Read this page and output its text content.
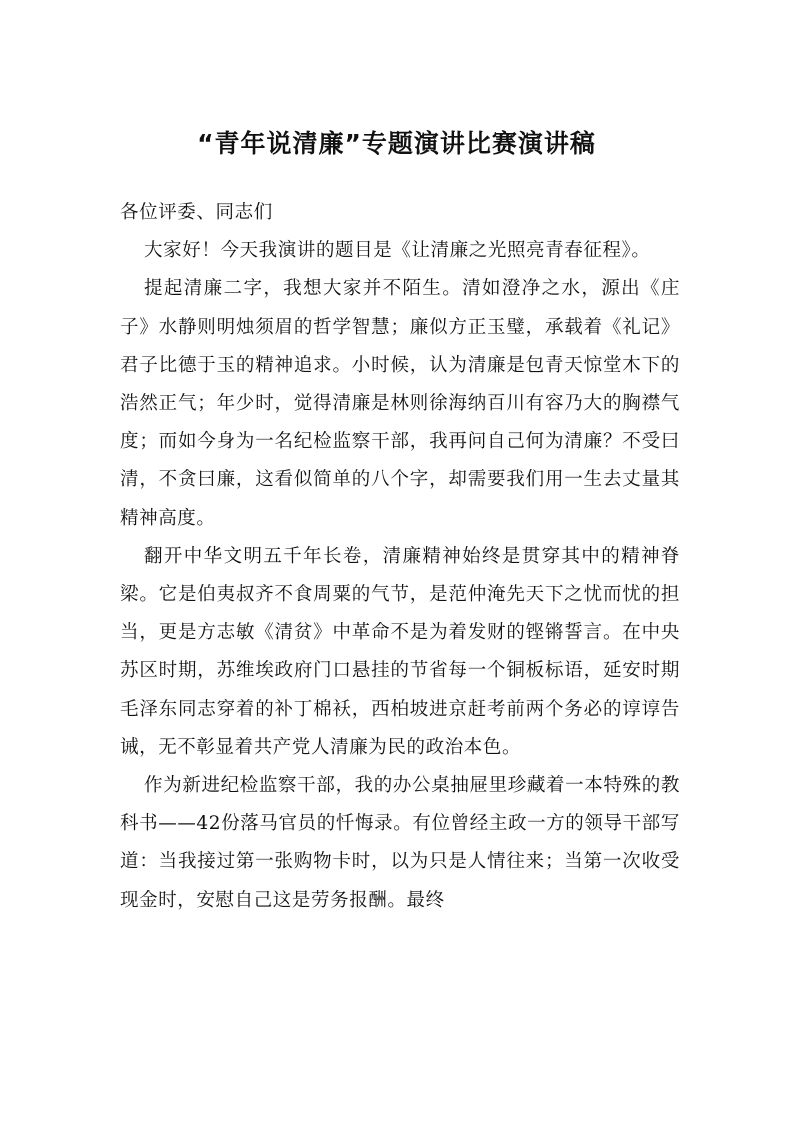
“青年说清廉”专题演讲比赛演讲稿

各位评委、同志们

大家好！今天我演讲的题目是《让清廉之光照亮青春征程》。

提起清廉二字，我想大家并不陌生。清如澄净之水，源出《庄子》水静则明烛须眉的哲学智慧；廉似方正玉璧，承载着《礼记》君子比德于玉的精神追求。小时候，认为清廉是包青天惊堂木下的浩然正气；年少时，觉得清廉是林则徐海纳百川有容乃大的胸襟气度；而如今身为一名纪检监察干部，我再问自己何为清廉？不受曰清，不贪曰廉，这看似简单的八个字，却需要我们用一生去丈量其精神高度。

翻开中华文明五千年长卷，清廉精神始终是贯穿其中的精神脊梁。它是伯夷叔齐不食周粟的气节，是范仲淹先天下之忧而忧的担当，更是方志敏《清贫》中革命不是为着发财的铿锵誓言。在中央苏区时期，苏维埃政府门口悬挂的节省每一个铜板标语，延安时期毛泽东同志穿着的补丁棉袄，西柏坡进京赶考前两个务必的谆谆告诫，无不彰显着共产党人清廉为民的政治本色。

作为新进纪检监察干部，我的办公桌抽屉里珍藏着一本特殊的教科书——42份落马官员的忏悔录。有位曾经主政一方的领导干部写道：当我接过第一张购物卡时，以为只是人情往来；当第一次收受现金时，安慰自己这是劳务报酬。最终
